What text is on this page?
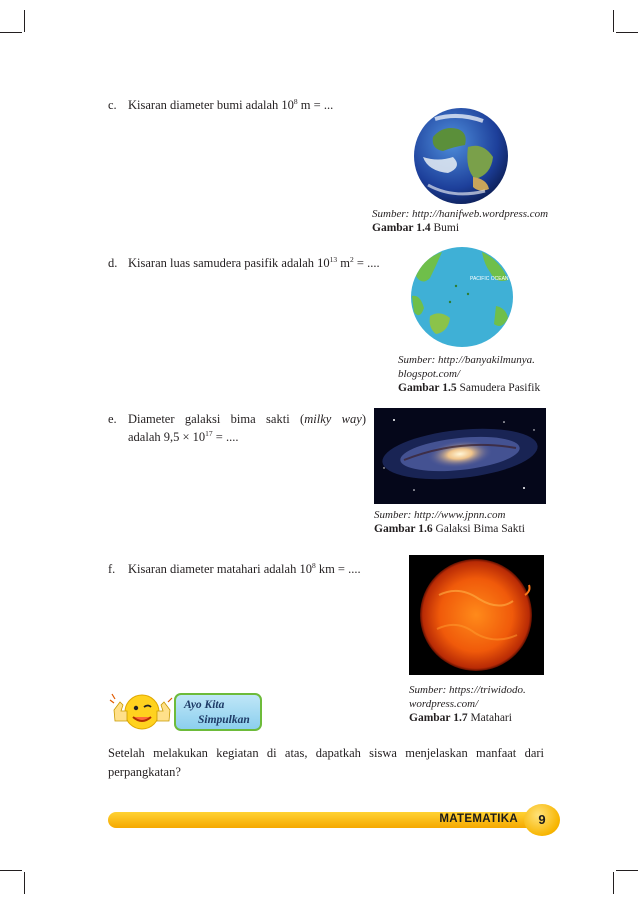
c. Kisaran diameter bumi adalah $10^8$ m = ...
Sumber: http://hanifweb.wordpress.com
Gambar 1.4 Bumi
d. Kisaran luas samudera pasifik adalah $10^{13}$ $m^2$ = ....
PACIFIC OCEAN
Sumber: http://banyakilmunya.
blogspot.com/
Gambar 1.5 Samudera Pasifik
e. Diameter galaksi bima sakti (milky way)
adalah $9,5 \times 10^{17}$ = ....
Sumber: http://www.jpnn.com
Gambar 1.6 Galaksi Bima Sakti
f. Kisaran diameter matahari adalah $10^8$ km = ....
Sumber: https://triwidodo.
wordpress.com/
Gambar 1.7 Matahari
Ayo Kita
Simpulkan
Setelah melakukan kegiatan di atas, dapatkah siswa menjelaskan manfaat dari perpangkatan?
MATEMATIKA	9
